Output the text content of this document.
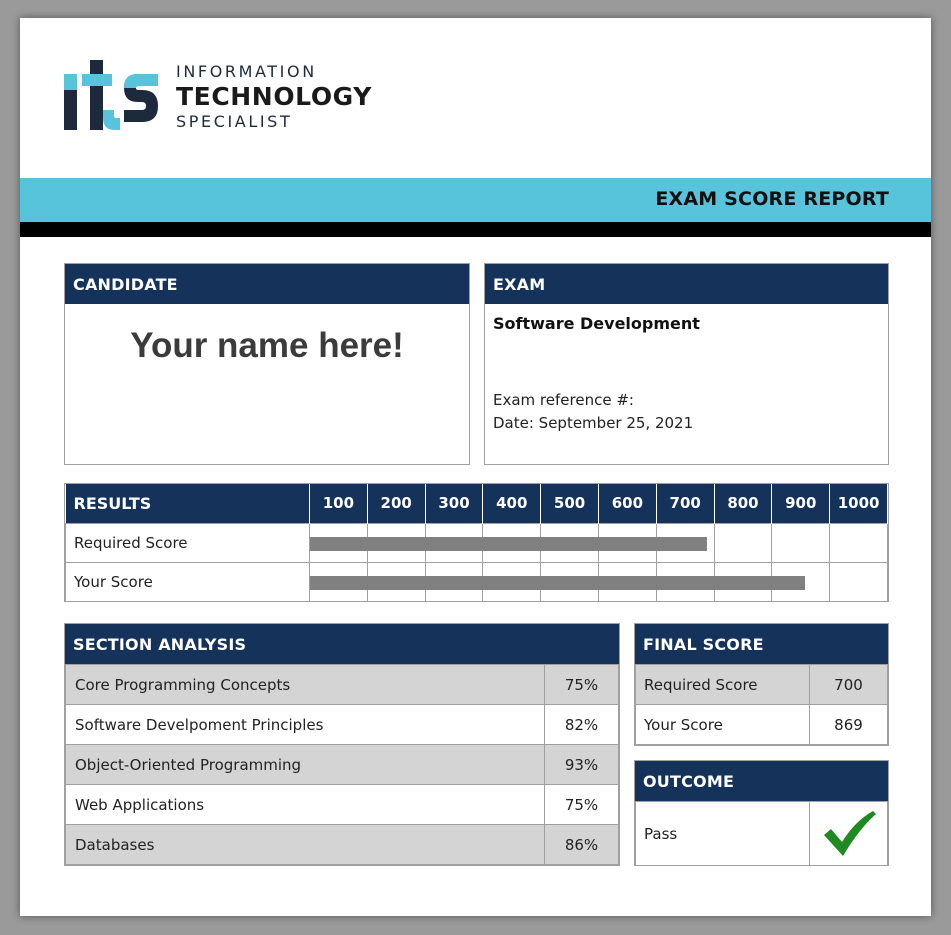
INFORMATION
TECHNOLOGY
SPECIALIST
EXAM SCORE REPORT
CANDIDATE
Your name here!
EXAM
Software Development
Exam reference #:
Date: September 25, 2021
RESULTS	100	200	300	400	500	600	700	800	900	1000
Required Score	

Your Score	

SECTION ANALYSIS
Core Programming Concepts	75%
Software Develpoment Principles	82%
Object-Oriented Programming	93%
Web Applications	75%
Databases	86%
FINAL SCORE
Required Score	700
Your Score	869
OUTCOME
Pass	
